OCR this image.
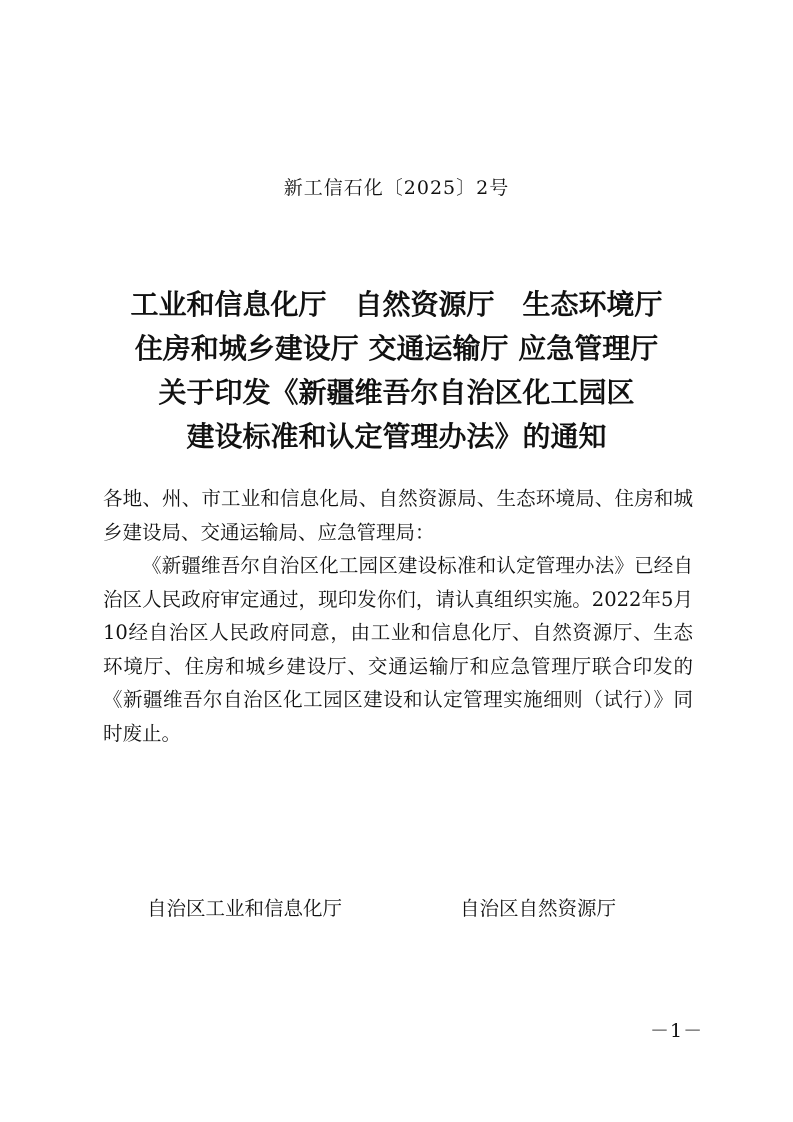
新工信石化〔2025〕2号
工业和信息化厅　自然资源厅　生态环境厅
住房和城乡建设厅 交通运输厅 应急管理厅
关于印发《新疆维吾尔自治区化工园区
建设标准和认定管理办法》的通知

各地、州、市工业和信息化局、自然资源局、生态环境局、住房和城乡建设局、交通运输局、应急管理局：

《新疆维吾尔自治区化工园区建设标准和认定管理办法》已经自治区人民政府审定通过，现印发你们，请认真组织实施。2022年5月10经自治区人民政府同意，由工业和信息化厅、自然资源厅、生态环境厅、住房和城乡建设厅、交通运输厅和应急管理厅联合印发的《新疆维吾尔自治区化工园区建设和认定管理实施细则（试行）》同时废止。

自治区工业和信息化厅	自治区自然资源厅
－1－
